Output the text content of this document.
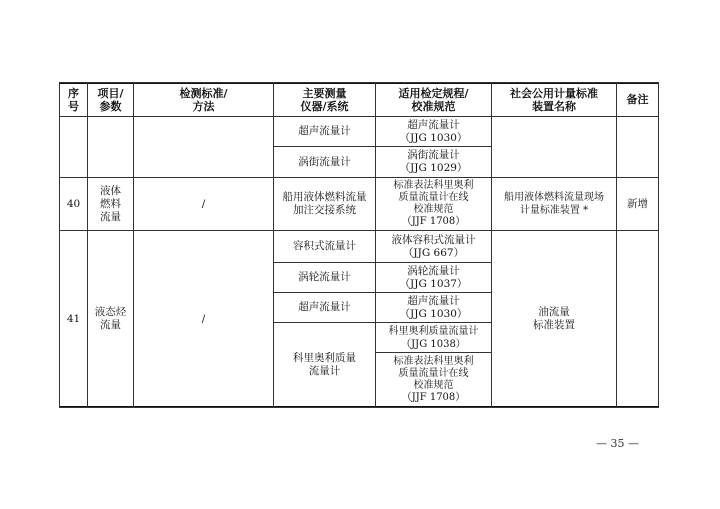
序
号
项目/
参数
检测标准/
方法
主要测量
仪器/系统
适用检定规程/
校准规范
社会公用计量标准
装置名称	备注
超声流量计
超声流量计
（JJG 1030）
涡街流量计
涡街流量计
（JJG 1029）
40
液体
燃料
流量
/
船用液体燃料流量
加注交接系统
标准表法科里奥利
质量流量计在线
校准规范
（JJF 1708）
船用液体燃料流量现场
计量标准装置 *
新增
41
液态烃
流量
/
容积式流量计
涡轮流量计
超声流量计
科里奥利质量
流量计
液体容积式流量计
（JJG 667）
涡轮流量计
（JJG 1037）
超声流量计
（JJG 1030）
科里奥利质量流量计
（JJG 1038）
标准表法科里奥利
质量流量计在线
校准规范
（JJF 1708）
油流量
标准装置
— 35 —
